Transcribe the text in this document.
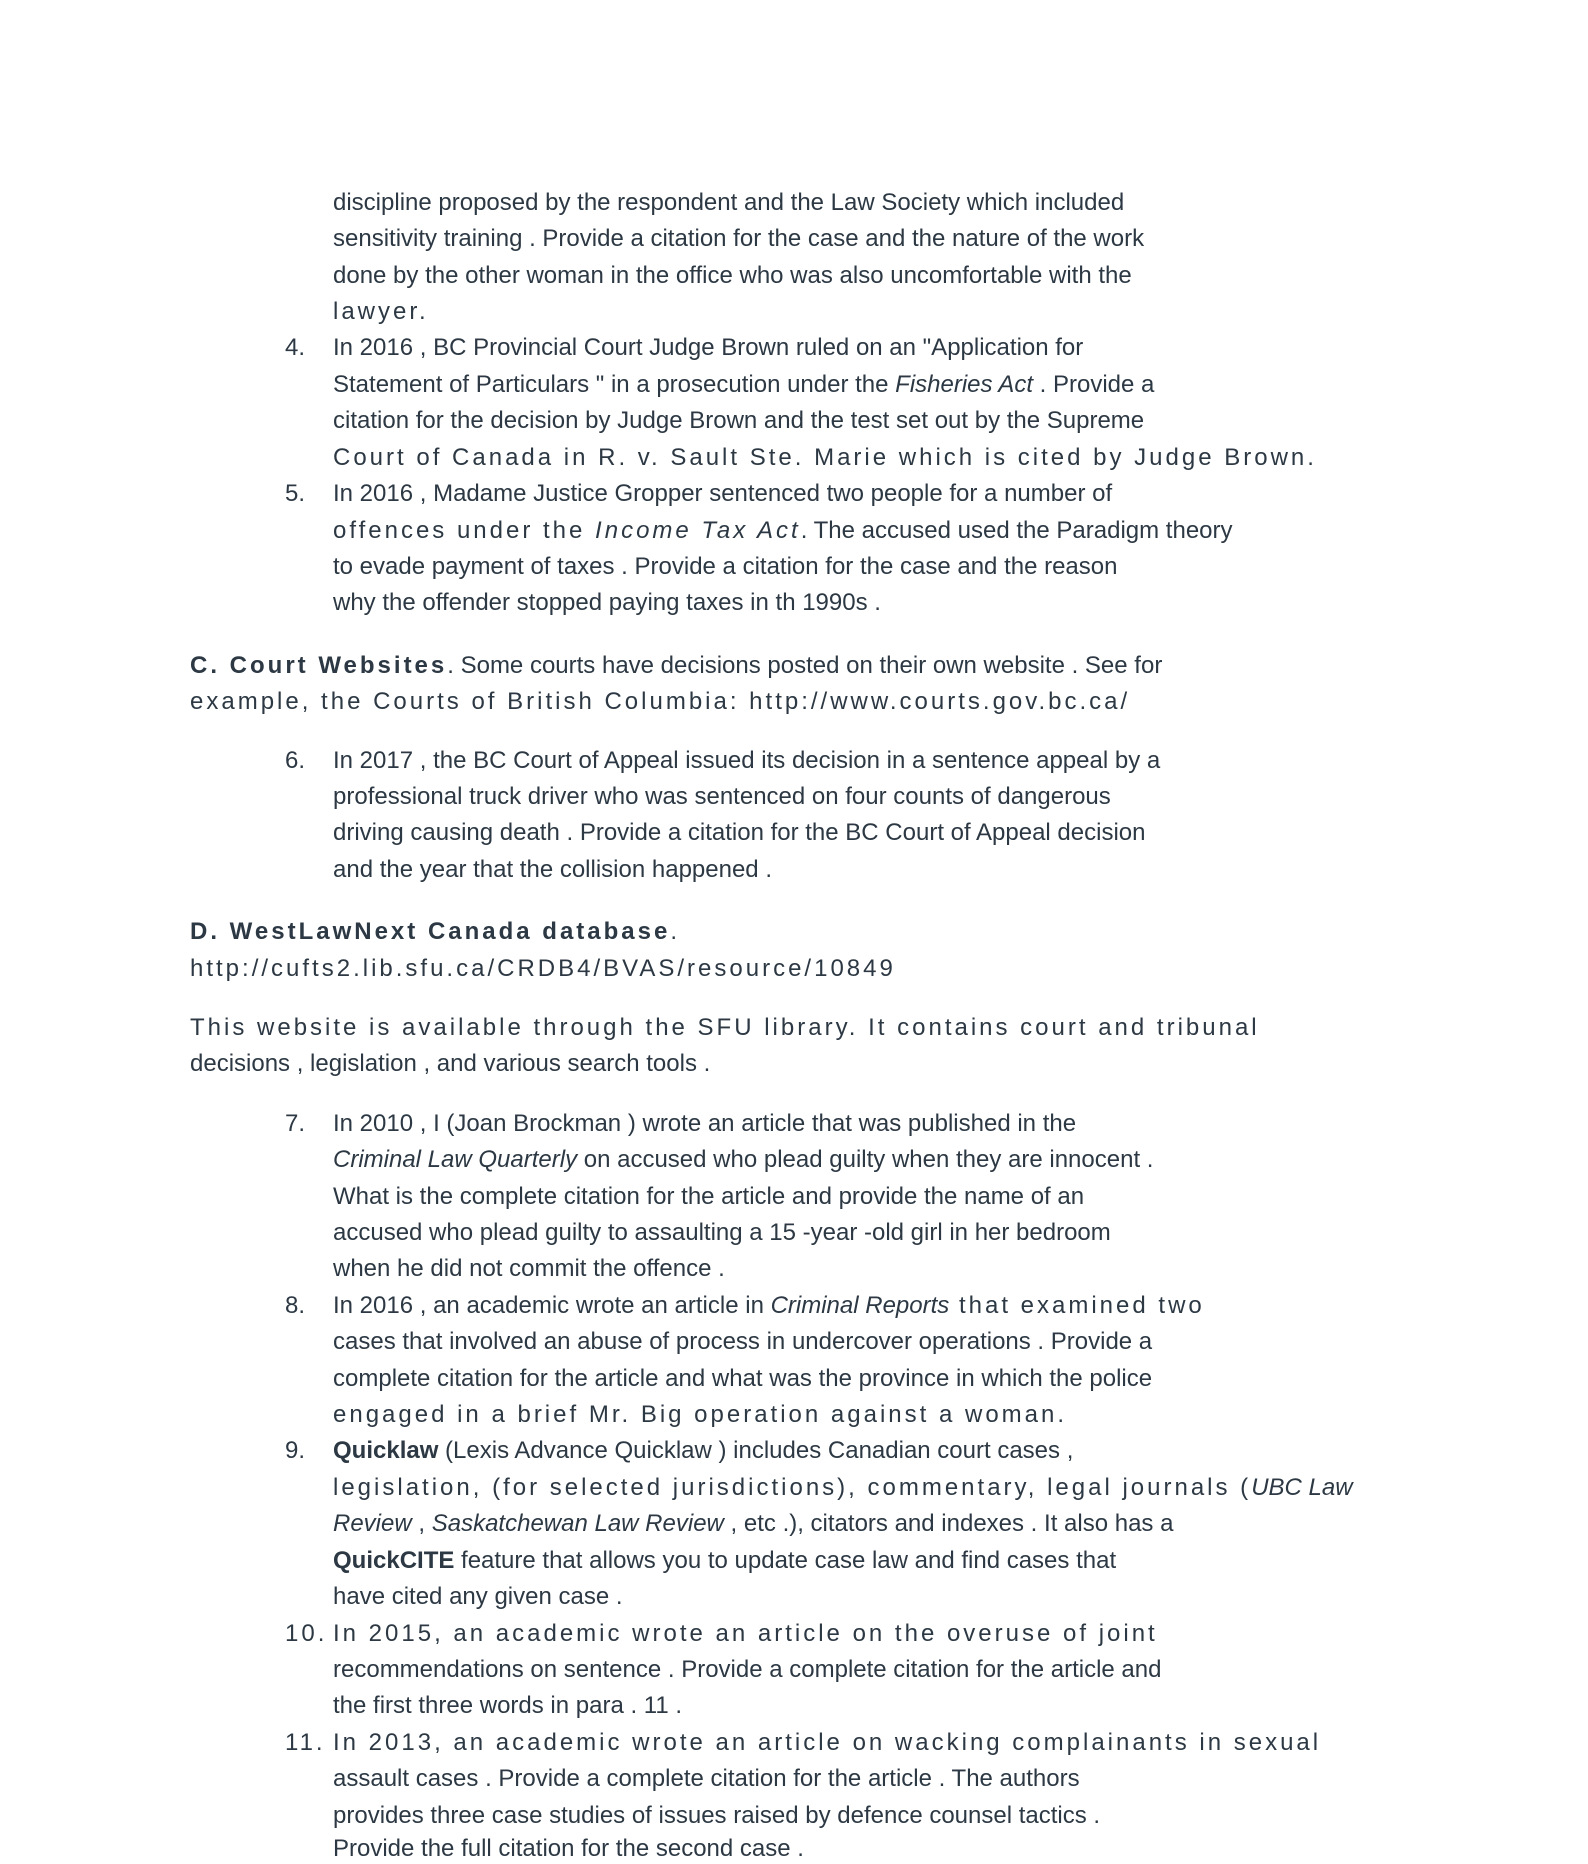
discipline proposed by the respondent and the Law Society which included
sensitivity training . Provide a citation for the case and the nature of the work
done by the other woman in the office who was also uncomfortable with the
lawyer.
4. In 2016 , BC Provincial Court Judge Brown ruled on an "Application for
Statement of Particulars " in a prosecution under the Fisheries Act . Provide a
citation for the decision by Judge Brown and the test set out by the Supreme
Court of Canada in R. v. Sault Ste. Marie which is cited by Judge Brown.
5. In 2016 , Madame Justice Gropper sentenced two people for a number of
offences under the Income Tax Act. The accused used the Paradigm theory
to evade payment of taxes . Provide a citation for the case and the reason
why the offender stopped paying taxes in th 1990s .
C. Court Websites. Some courts have decisions posted on their own website . See for
example, the Courts of British Columbia: http://www.courts.gov.bc.ca/
6. In 2017 , the BC Court of Appeal issued its decision in a sentence appeal by a
professional truck driver who was sentenced on four counts of dangerous
driving causing death . Provide a citation for the BC Court of Appeal decision
and the year that the collision happened .
D. WestLawNext Canada database.
http://cufts2.lib.sfu.ca/CRDB4/BVAS/resource/10849
This website is available through the SFU library. It contains court and tribunal
decisions , legislation , and various search tools .
7. In 2010 , I (Joan Brockman ) wrote an article that was published in the
Criminal Law Quarterly on accused who plead guilty when they are innocent .
What is the complete citation for the article and provide the name of an
accused who plead guilty to assaulting a 15 -year -old girl in her bedroom
when he did not commit the offence .
8. In 2016 , an academic wrote an article in Criminal Reports that examined two
cases that involved an abuse of process in undercover operations . Provide a
complete citation for the article and what was the province in which the police
engaged in a brief Mr. Big operation against a woman.
9. Quicklaw (Lexis Advance Quicklaw ) includes Canadian court cases ,
legislation, (for selected jurisdictions), commentary, legal journals (UBC Law
Review , Saskatchewan Law Review , etc .), citators and indexes . It also has a
QuickCITE feature that allows you to update case law and find cases that
have cited any given case .
10. In 2015, an academic wrote an article on the overuse of joint
recommendations on sentence . Provide a complete citation for the article and
the first three words in para . 11 .
11. In 2013, an academic wrote an article on wacking complainants in sexual
assault cases . Provide a complete citation for the article . The authors
provides three case studies of issues raised by defence counsel tactics .
Provide the full citation for the second case .
